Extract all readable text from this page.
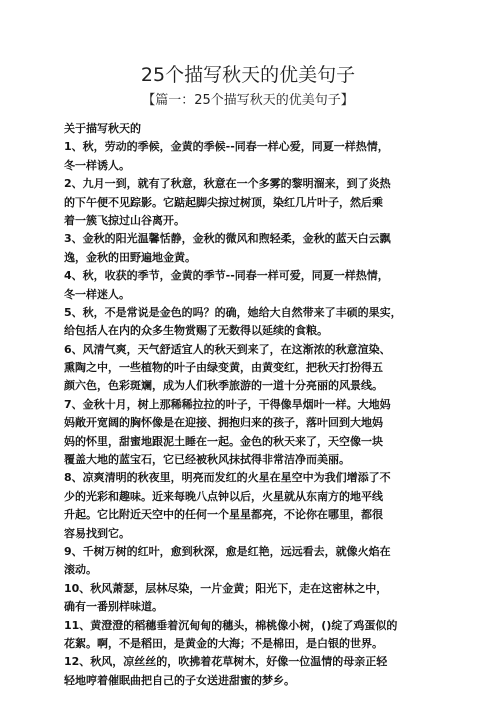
25个描写秋天的优美句子
【篇一：25个描写秋天的优美句子】
关于描写秋天的
1、秋，劳动的季候，金黄的季候--同春一样心爱，同夏一样热情，
冬一样诱人。
2、九月一到，就有了秋意，秋意在一个多雾的黎明溜来，到了炎热
的下午便不见踪影。它踮起脚尖掠过树顶，染红几片叶子，然后乘
着一簇飞掠过山谷离开。
3、金秋的阳光温馨恬静，金秋的微风和煦轻柔，金秋的蓝天白云飘
逸，金秋的田野遍地金黄。
4、秋，收获的季节，金黄的季节--同春一样可爱，同夏一样热情，
冬一样迷人。
5、秋，不是常说是金色的吗？的确，她给大自然带来了丰硕的果实，
给包括人在内的众多生物赏赐了无数得以延续的食粮。
6、风清气爽，天气舒适宜人的秋天到来了，在这渐浓的秋意渲染、
熏陶之中，一些植物的叶子由绿变黄，由黄变红，把秋天打扮得五
颜六色，色彩斑斓，成为人们秋季旅游的一道十分亮丽的风景线。
7、金秋十月，树上那稀稀拉拉的叶子，干得像旱烟叶一样。大地妈
妈敞开宽阔的胸怀像是在迎接、拥抱归来的孩子，落叶回到大地妈
妈的怀里，甜蜜地跟泥土睡在一起。金色的秋天来了，天空像一块
覆盖大地的蓝宝石，它已经被秋风抹拭得非常洁净而美丽。
8、凉爽清明的秋夜里，明亮而发红的火星在星空中为我们增添了不
少的光彩和趣味。近来每晚八点钟以后，火星就从东南方的地平线
升起。它比附近天空中的任何一个星星都亮，不论你在哪里，都很
容易找到它。
9、千树万树的红叶，愈到秋深，愈是红艳，远远看去，就像火焰在
滚动。
10、秋风萧瑟，层林尽染，一片金黄；阳光下，走在这密林之中，
确有一番别样味道。
11、黄澄澄的稻穗垂着沉甸甸的穗头，棉桃像小树，()绽了鸡蛋似的
花絮。啊，不是稻田，是黄金的大海；不是棉田，是白银的世界。
12、秋风，凉丝丝的，吹拂着花草树木，好像一位温情的母亲正轻
轻地哼着催眠曲把自己的子女送进甜蜜的梦乡。
